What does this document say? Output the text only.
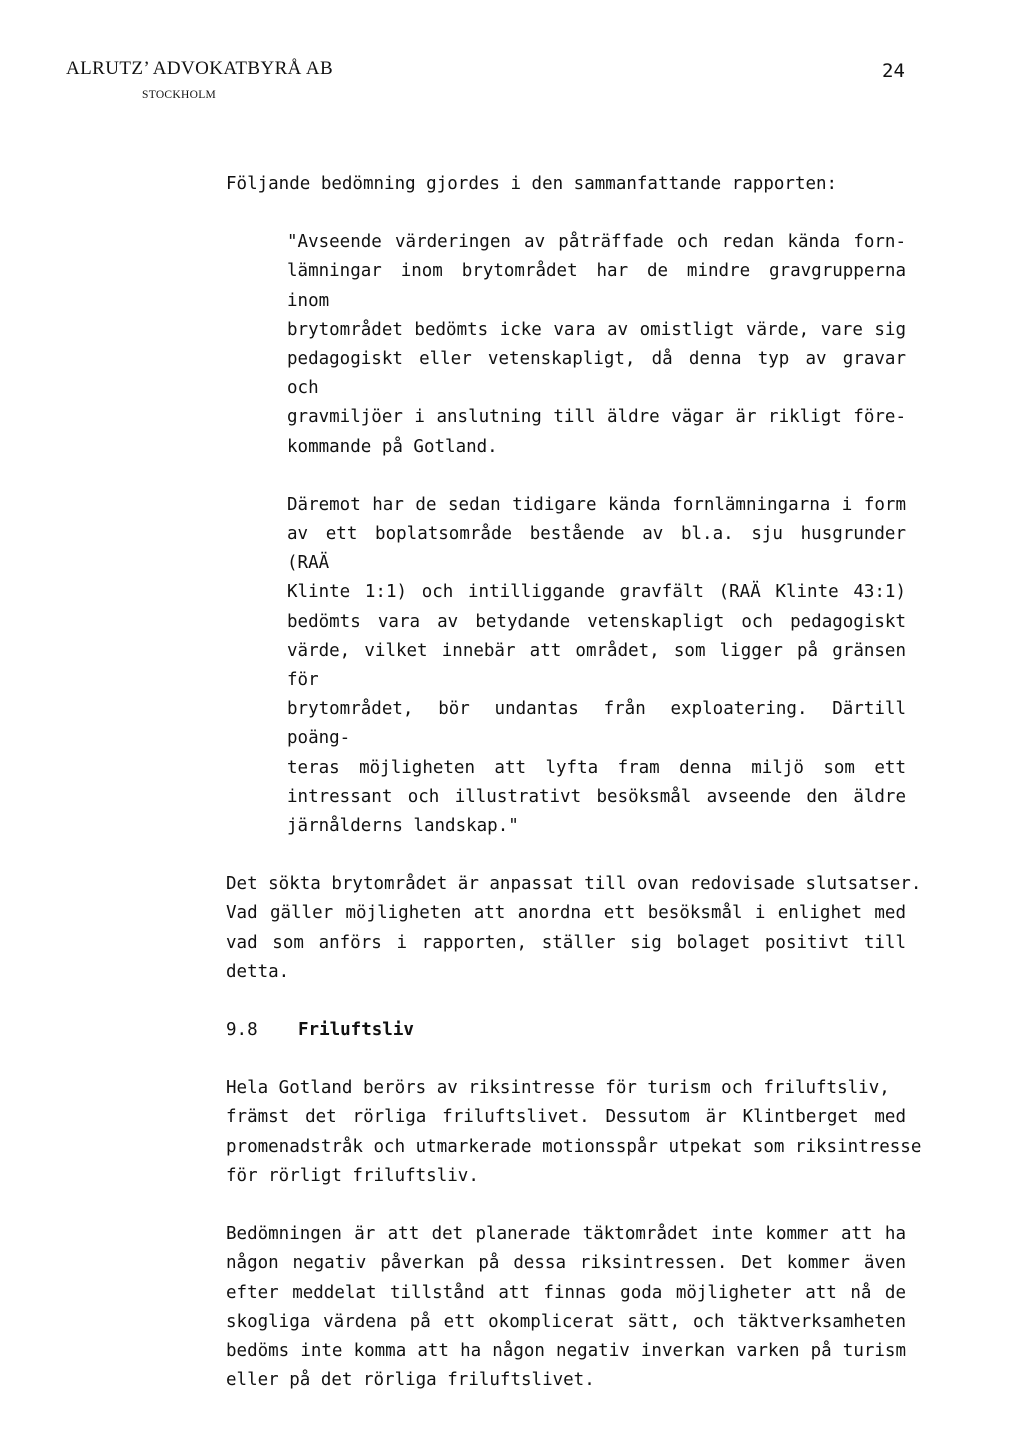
ALRUTZ’ ADVOKATBYRÅ AB
STOCKHOLM
24

Följande bedömning gjordes i den sammanfattande rapporten:

"Avseende värderingen av påträffade och redan kända forn-
lämningar inom brytområdet har de mindre gravgrupperna inom
brytområdet bedömts icke vara av omistligt värde, vare sig
pedagogiskt eller vetenskapligt, då denna typ av gravar och
gravmiljöer i anslutning till äldre vägar är rikligt före-
kommande på Gotland.

Däremot har de sedan tidigare kända fornlämningarna i form
av ett boplatsområde bestående av bl.a. sju husgrunder (RAÄ
Klinte 1:1) och intilliggande gravfält (RAÄ Klinte 43:1)
bedömts vara av betydande vetenskapligt och pedagogiskt
värde, vilket innebär att området, som ligger på gränsen för
brytområdet, bör undantas från exploatering. Därtill poäng-
teras möjligheten att lyfta fram denna miljö som ett
intressant och illustrativt besöksmål avseende den äldre
järnålderns landskap."

Det sökta brytområdet är anpassat till ovan redovisade slutsatser.
Vad gäller möjligheten att anordna ett besöksmål i enlighet med
vad som anförs i rapporten, ställer sig bolaget positivt till
detta.

9.8	Friluftsliv

Hela Gotland berörs av riksintresse för turism och friluftsliv,
främst det rörliga friluftslivet. Dessutom är Klintberget med
promenadstråk och utmarkerade motionsspår utpekat som riksintresse
för rörligt friluftsliv.

Bedömningen är att det planerade täktområdet inte kommer att ha
någon negativ påverkan på dessa riksintressen. Det kommer även
efter meddelat tillstånd att finnas goda möjligheter att nå de
skogliga värdena på ett okomplicerat sätt, och täktverksamheten
bedöms inte komma att ha någon negativ inverkan varken på turism
eller på det rörliga friluftslivet.
